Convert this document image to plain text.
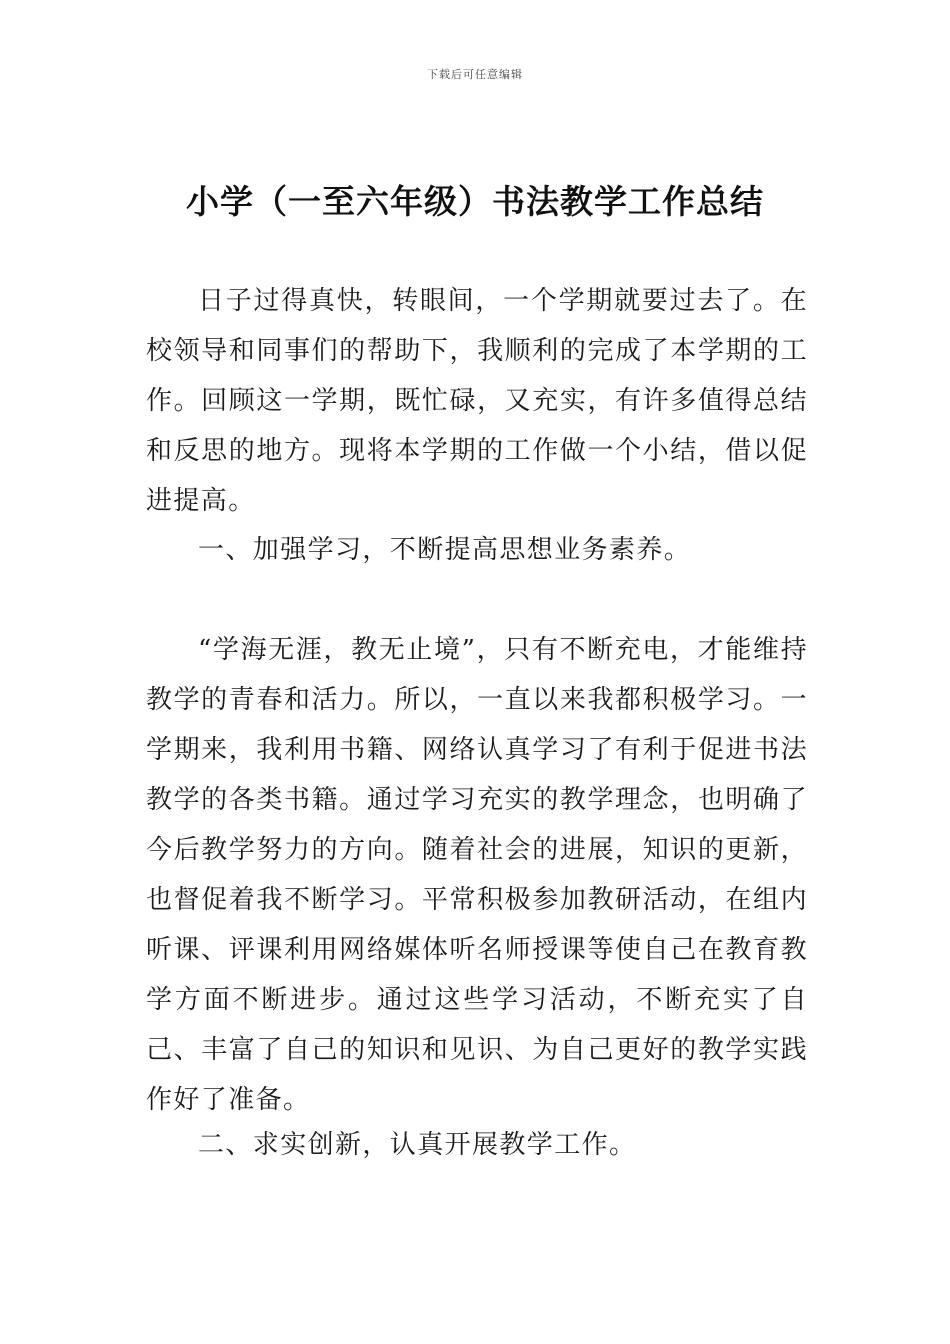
下载后可任意编辑
小学（一至六年级）书法教学工作总结

日子过得真快，转眼间，一个学期就要过去了。在校领导和同事们的帮助下，我顺利的完成了本学期的工作。回顾这一学期，既忙碌，又充实，有许多值得总结和反思的地方。现将本学期的工作做一个小结，借以促进提高。

一、加强学习，不断提高思想业务素养。

“学海无涯，教无止境”，只有不断充电，才能维持教学的青春和活力。所以，一直以来我都积极学习。一学期来，我利用书籍、网络认真学习了有利于促进书法教学的各类书籍。通过学习充实的教学理念，也明确了今后教学努力的方向。随着社会的进展，知识的更新，也督促着我不断学习。平常积极参加教研活动，在组内听课、评课利用网络媒体听名师授课等使自己在教育教学方面不断进步。通过这些学习活动，不断充实了自己、丰富了自己的知识和见识、为自己更好的教学实践作好了准备。

二、求实创新，认真开展教学工作。
